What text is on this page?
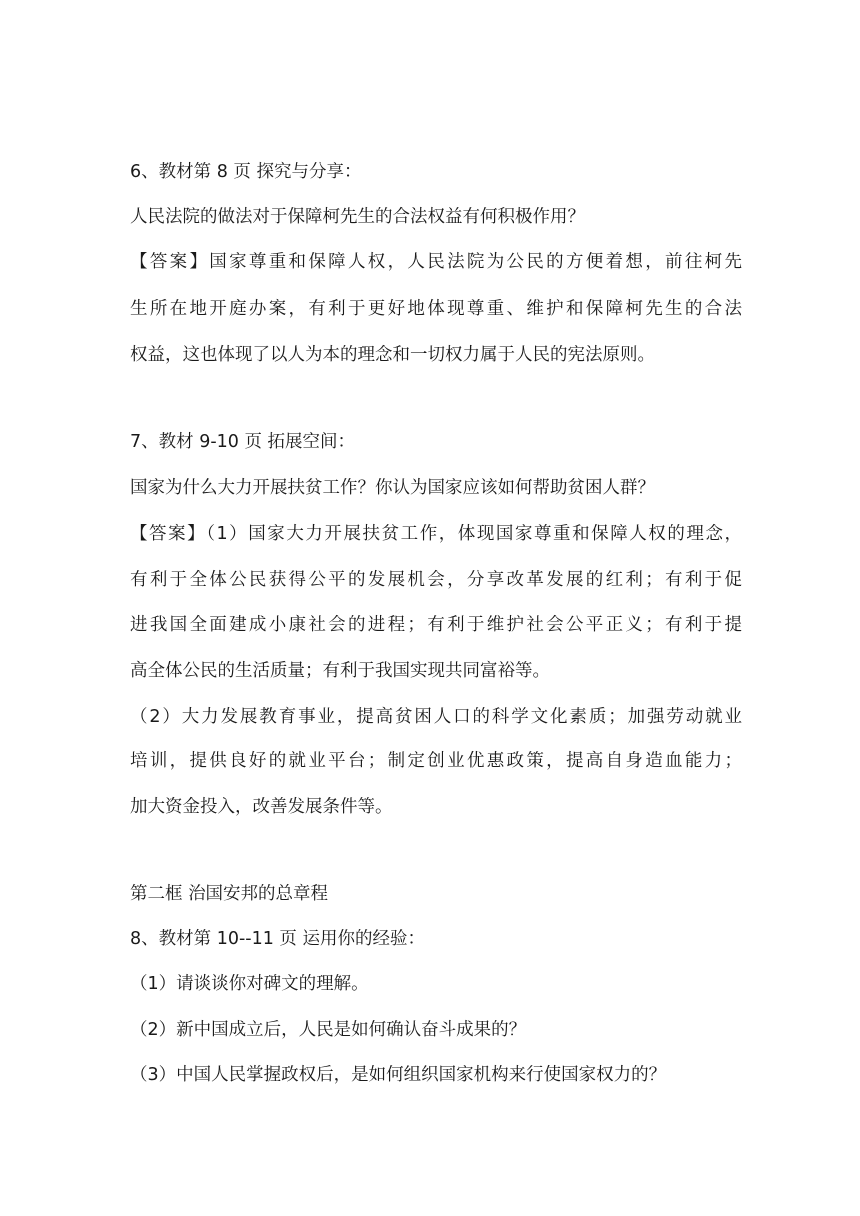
6、教材第 8 页 探究与分享：
人民法院的做法对于保障柯先生的合法权益有何积极作用？
【答案】国家尊重和保障人权，人民法院为公民的方便着想，前往柯先
生所在地开庭办案，有利于更好地体现尊重、维护和保障柯先生的合法
权益，这也体现了以人为本的理念和一切权力属于人民的宪法原则。
7、教材 9-10 页 拓展空间：
国家为什么大力开展扶贫工作？你认为国家应该如何帮助贫困人群？
【答案】（1）国家大力开展扶贫工作，体现国家尊重和保障人权的理念，
有利于全体公民获得公平的发展机会，分享改革发展的红利；有利于促
进我国全面建成小康社会的进程；有利于维护社会公平正义；有利于提
高全体公民的生活质量；有利于我国实现共同富裕等。
（2）大力发展教育事业，提高贫困人口的科学文化素质；加强劳动就业
培训，提供良好的就业平台；制定创业优惠政策，提高自身造血能力；
加大资金投入，改善发展条件等。
第二框 治国安邦的总章程
8、教材第 10--11 页 运用你的经验：
（1）请谈谈你对碑文的理解。
（2）新中国成立后，人民是如何确认奋斗成果的？
（3）中国人民掌握政权后，是如何组织国家机构来行使国家权力的？
